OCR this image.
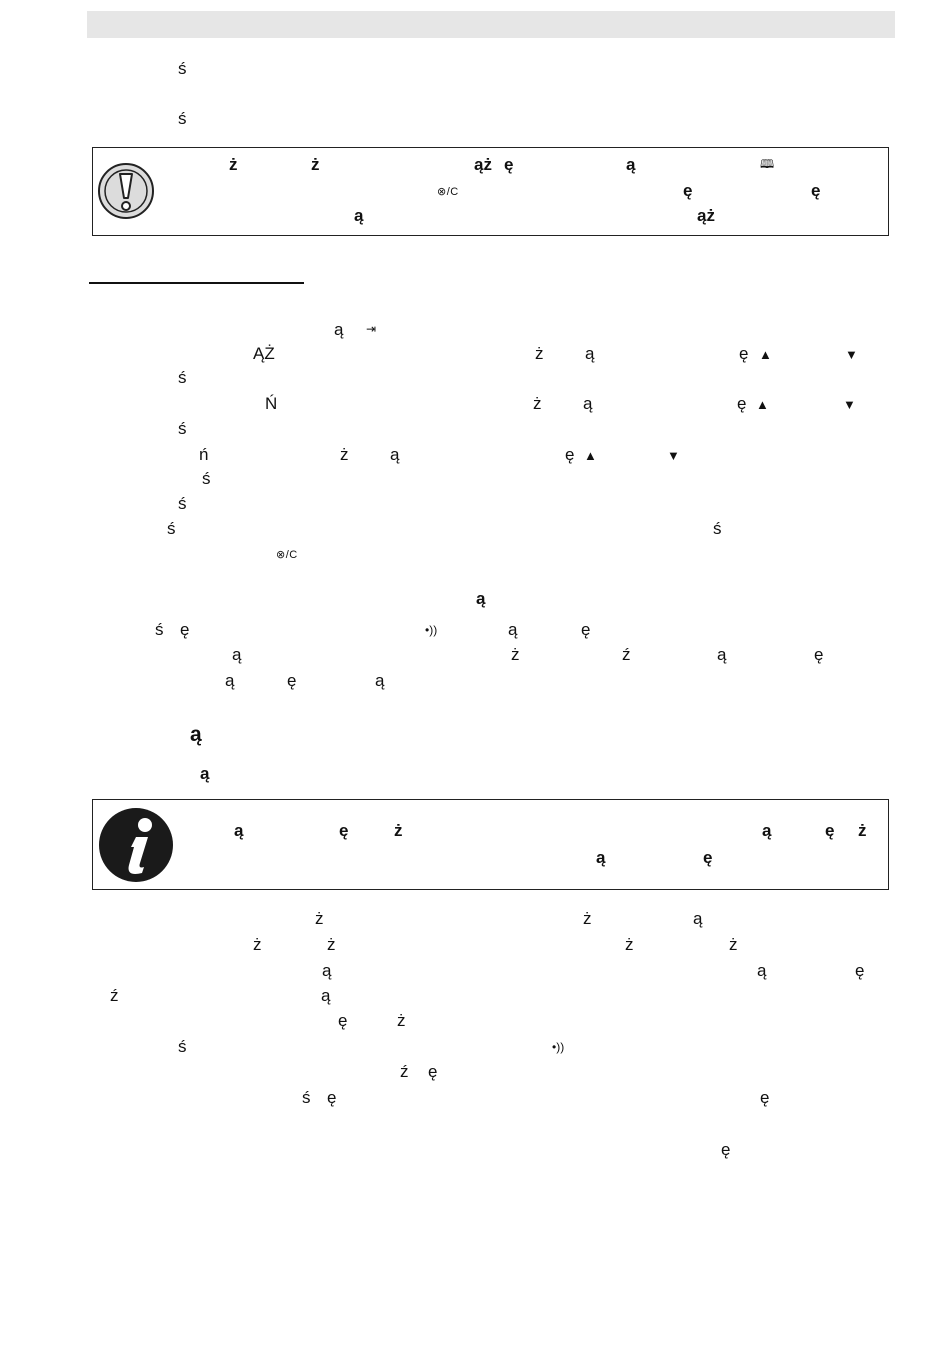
ś
ś
ż	ż	ąż ę	ą	🕮
⊗/C	ę	ę
ą	ąż
ą ⇥
ĄŻ	ż ą	ę ▲	▼
ś
Ń	ż ą	ę ▲	▼
ś
ń	ż ą	ę ▲	▼
ś
ś
ś	ś
⊗/C
ą
ś ę	•))	ą	ę
ą	ż	ź	ą	ę
ą	ę	ą
ą
ą
ą	ę	ż	ą	ę ż
ą	ę
ż	ż	ą
ż	ż	ż	ż
ą	ą	ę
ź	ą
ę	ż
ś	•))
ź ę
ś ę	ę
ę
